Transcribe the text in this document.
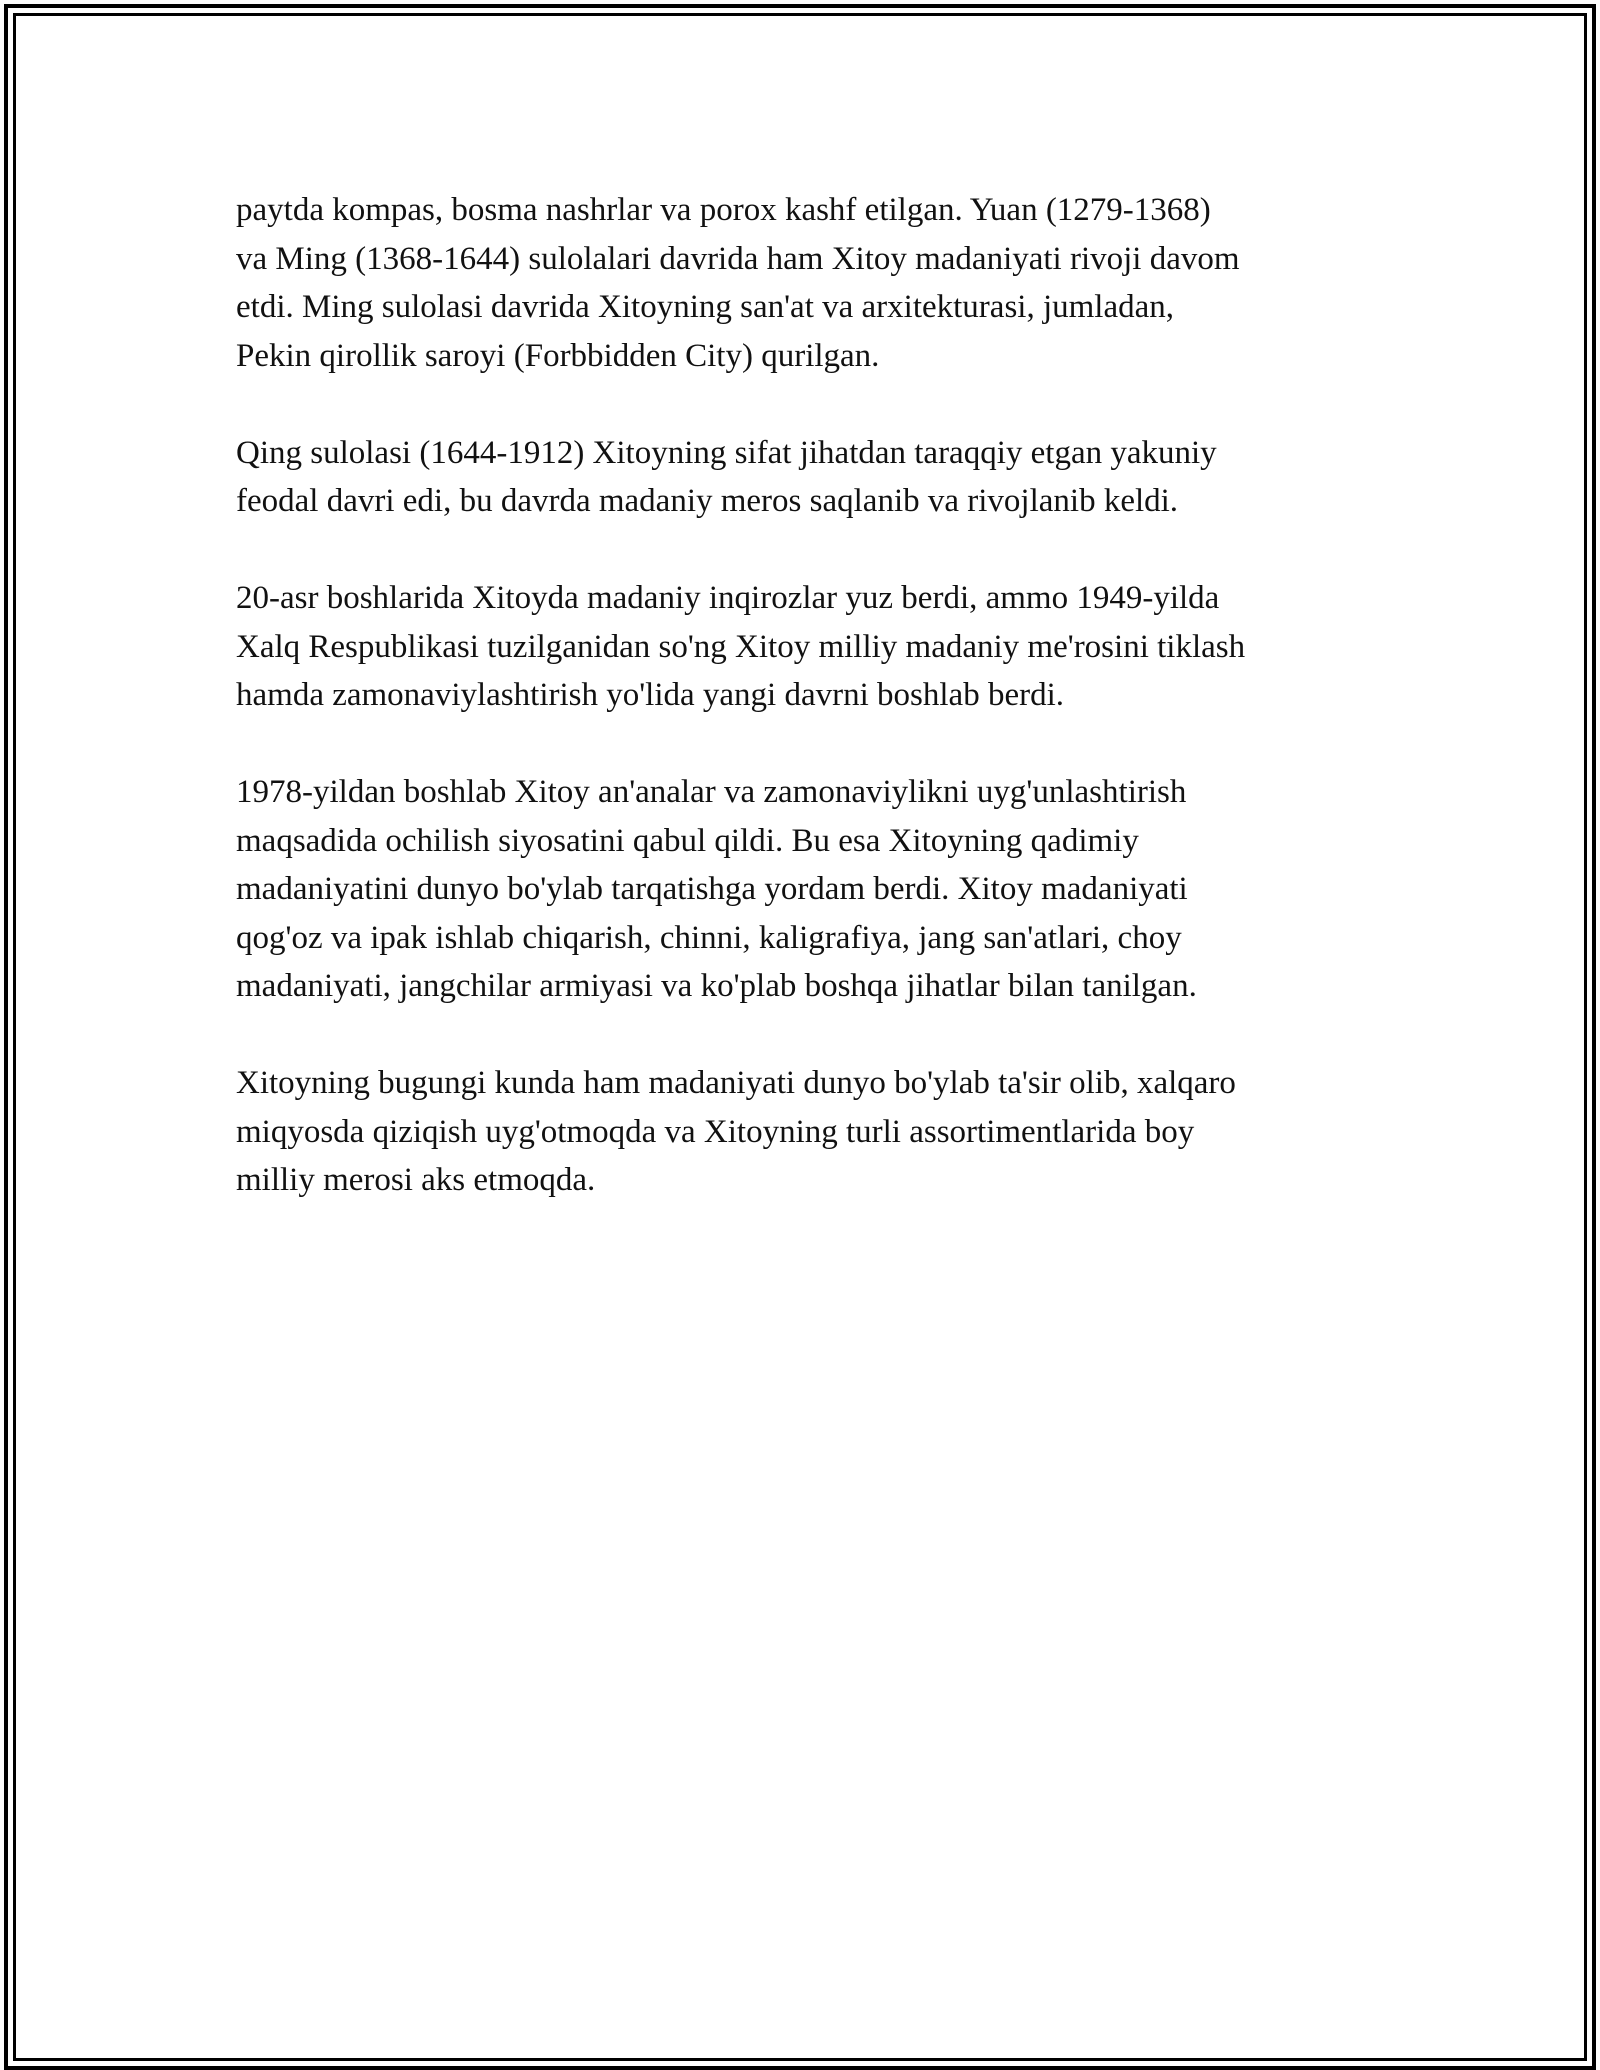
paytda kompas, bosma nashrlar va porox kashf etilgan. Yuan (1279-1368)
va Ming (1368-1644) sulolalari davrida ham Xitoy madaniyati rivoji davom
etdi. Ming sulolasi davrida Xitoyning san'at va arxitekturasi, jumladan,
Pekin qirollik saroyi (Forbbidden City) qurilgan.

Qing sulolasi (1644-1912) Xitoyning sifat jihatdan taraqqiy etgan yakuniy
feodal davri edi, bu davrda madaniy meros saqlanib va rivojlanib keldi.

20-asr boshlarida Xitoyda madaniy inqirozlar yuz berdi, ammo 1949-yilda
Xalq Respublikasi tuzilganidan so'ng Xitoy milliy madaniy me'rosini tiklash
hamda zamonaviylashtirish yo'lida yangi davrni boshlab berdi.

1978-yildan boshlab Xitoy an'analar va zamonaviylikni uyg'unlashtirish
maqsadida ochilish siyosatini qabul qildi. Bu esa Xitoyning qadimiy
madaniyatini dunyo bo'ylab tarqatishga yordam berdi. Xitoy madaniyati
qog'oz va ipak ishlab chiqarish, chinni, kaligrafiya, jang san'atlari, choy
madaniyati, jangchilar armiyasi va ko'plab boshqa jihatlar bilan tanilgan.

Xitoyning bugungi kunda ham madaniyati dunyo bo'ylab ta'sir olib, xalqaro
miqyosda qiziqish uyg'otmoqda va Xitoyning turli assortimentlarida boy
milliy merosi aks etmoqda.
